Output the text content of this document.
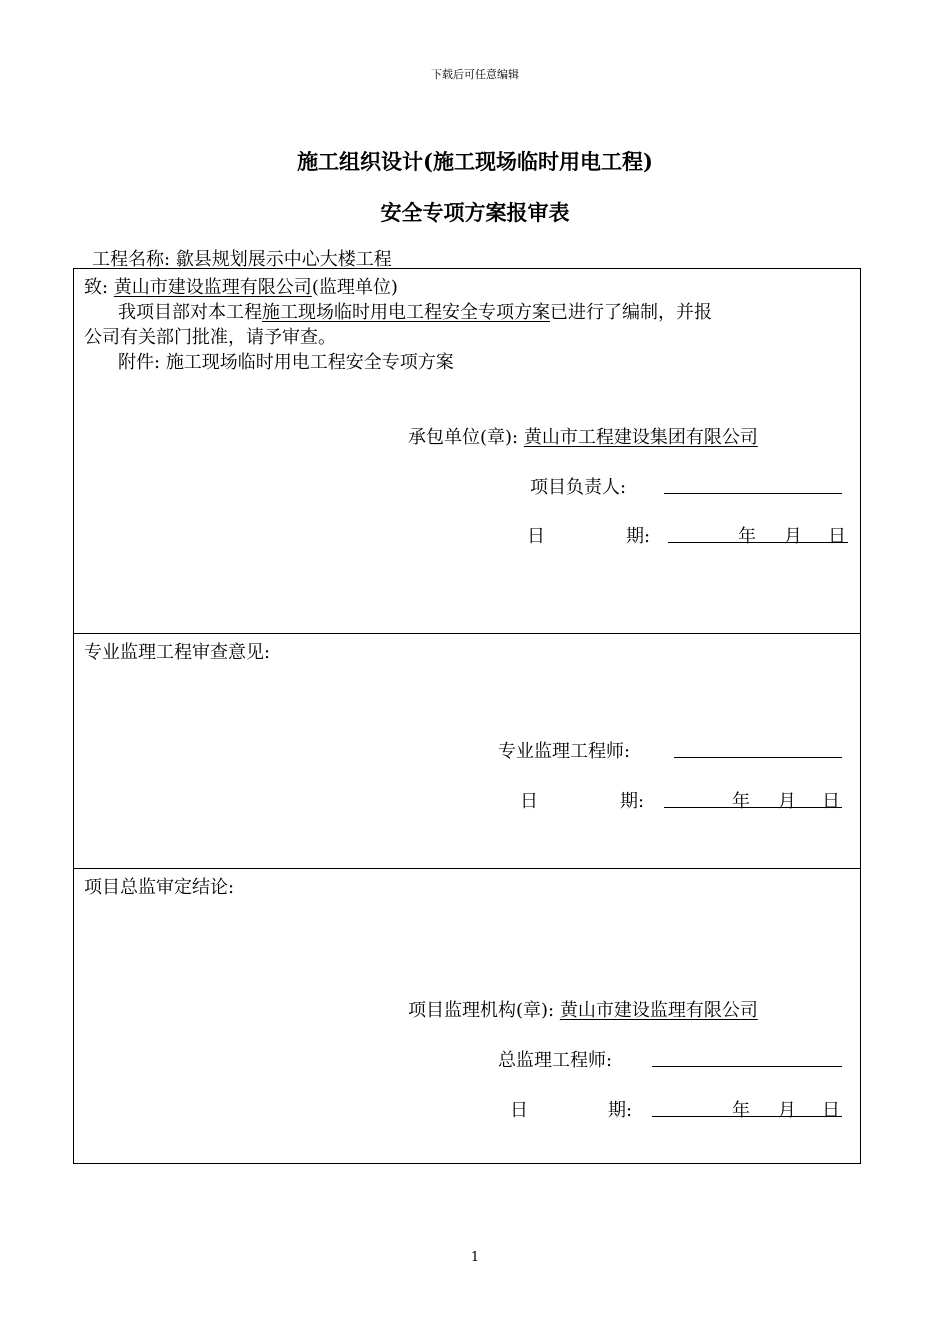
下载后可任意编辑
施工组织设计(施工现场临时用电工程)
安全专项方案报审表
工程名称: 歙县规划展示中心大楼工程
致: 黄山市建设监理有限公司(监理单位)
我项目部对本工程施工现场临时用电工程安全专项方案已进行了编制，并报
公司有关部门批准，请予审查。
附件: 施工现场临时用电工程安全专项方案
承包单位(章): 黄山市工程建设集团有限公司
项目负责人:
日	期:	年 月 日
专业监理工程审查意见:
专业监理工程师:
日	期:	年 月 日
项目总监审定结论:
项目监理机构(章): 黄山市建设监理有限公司
总监理工程师:
日	期:	年 月 日
1
